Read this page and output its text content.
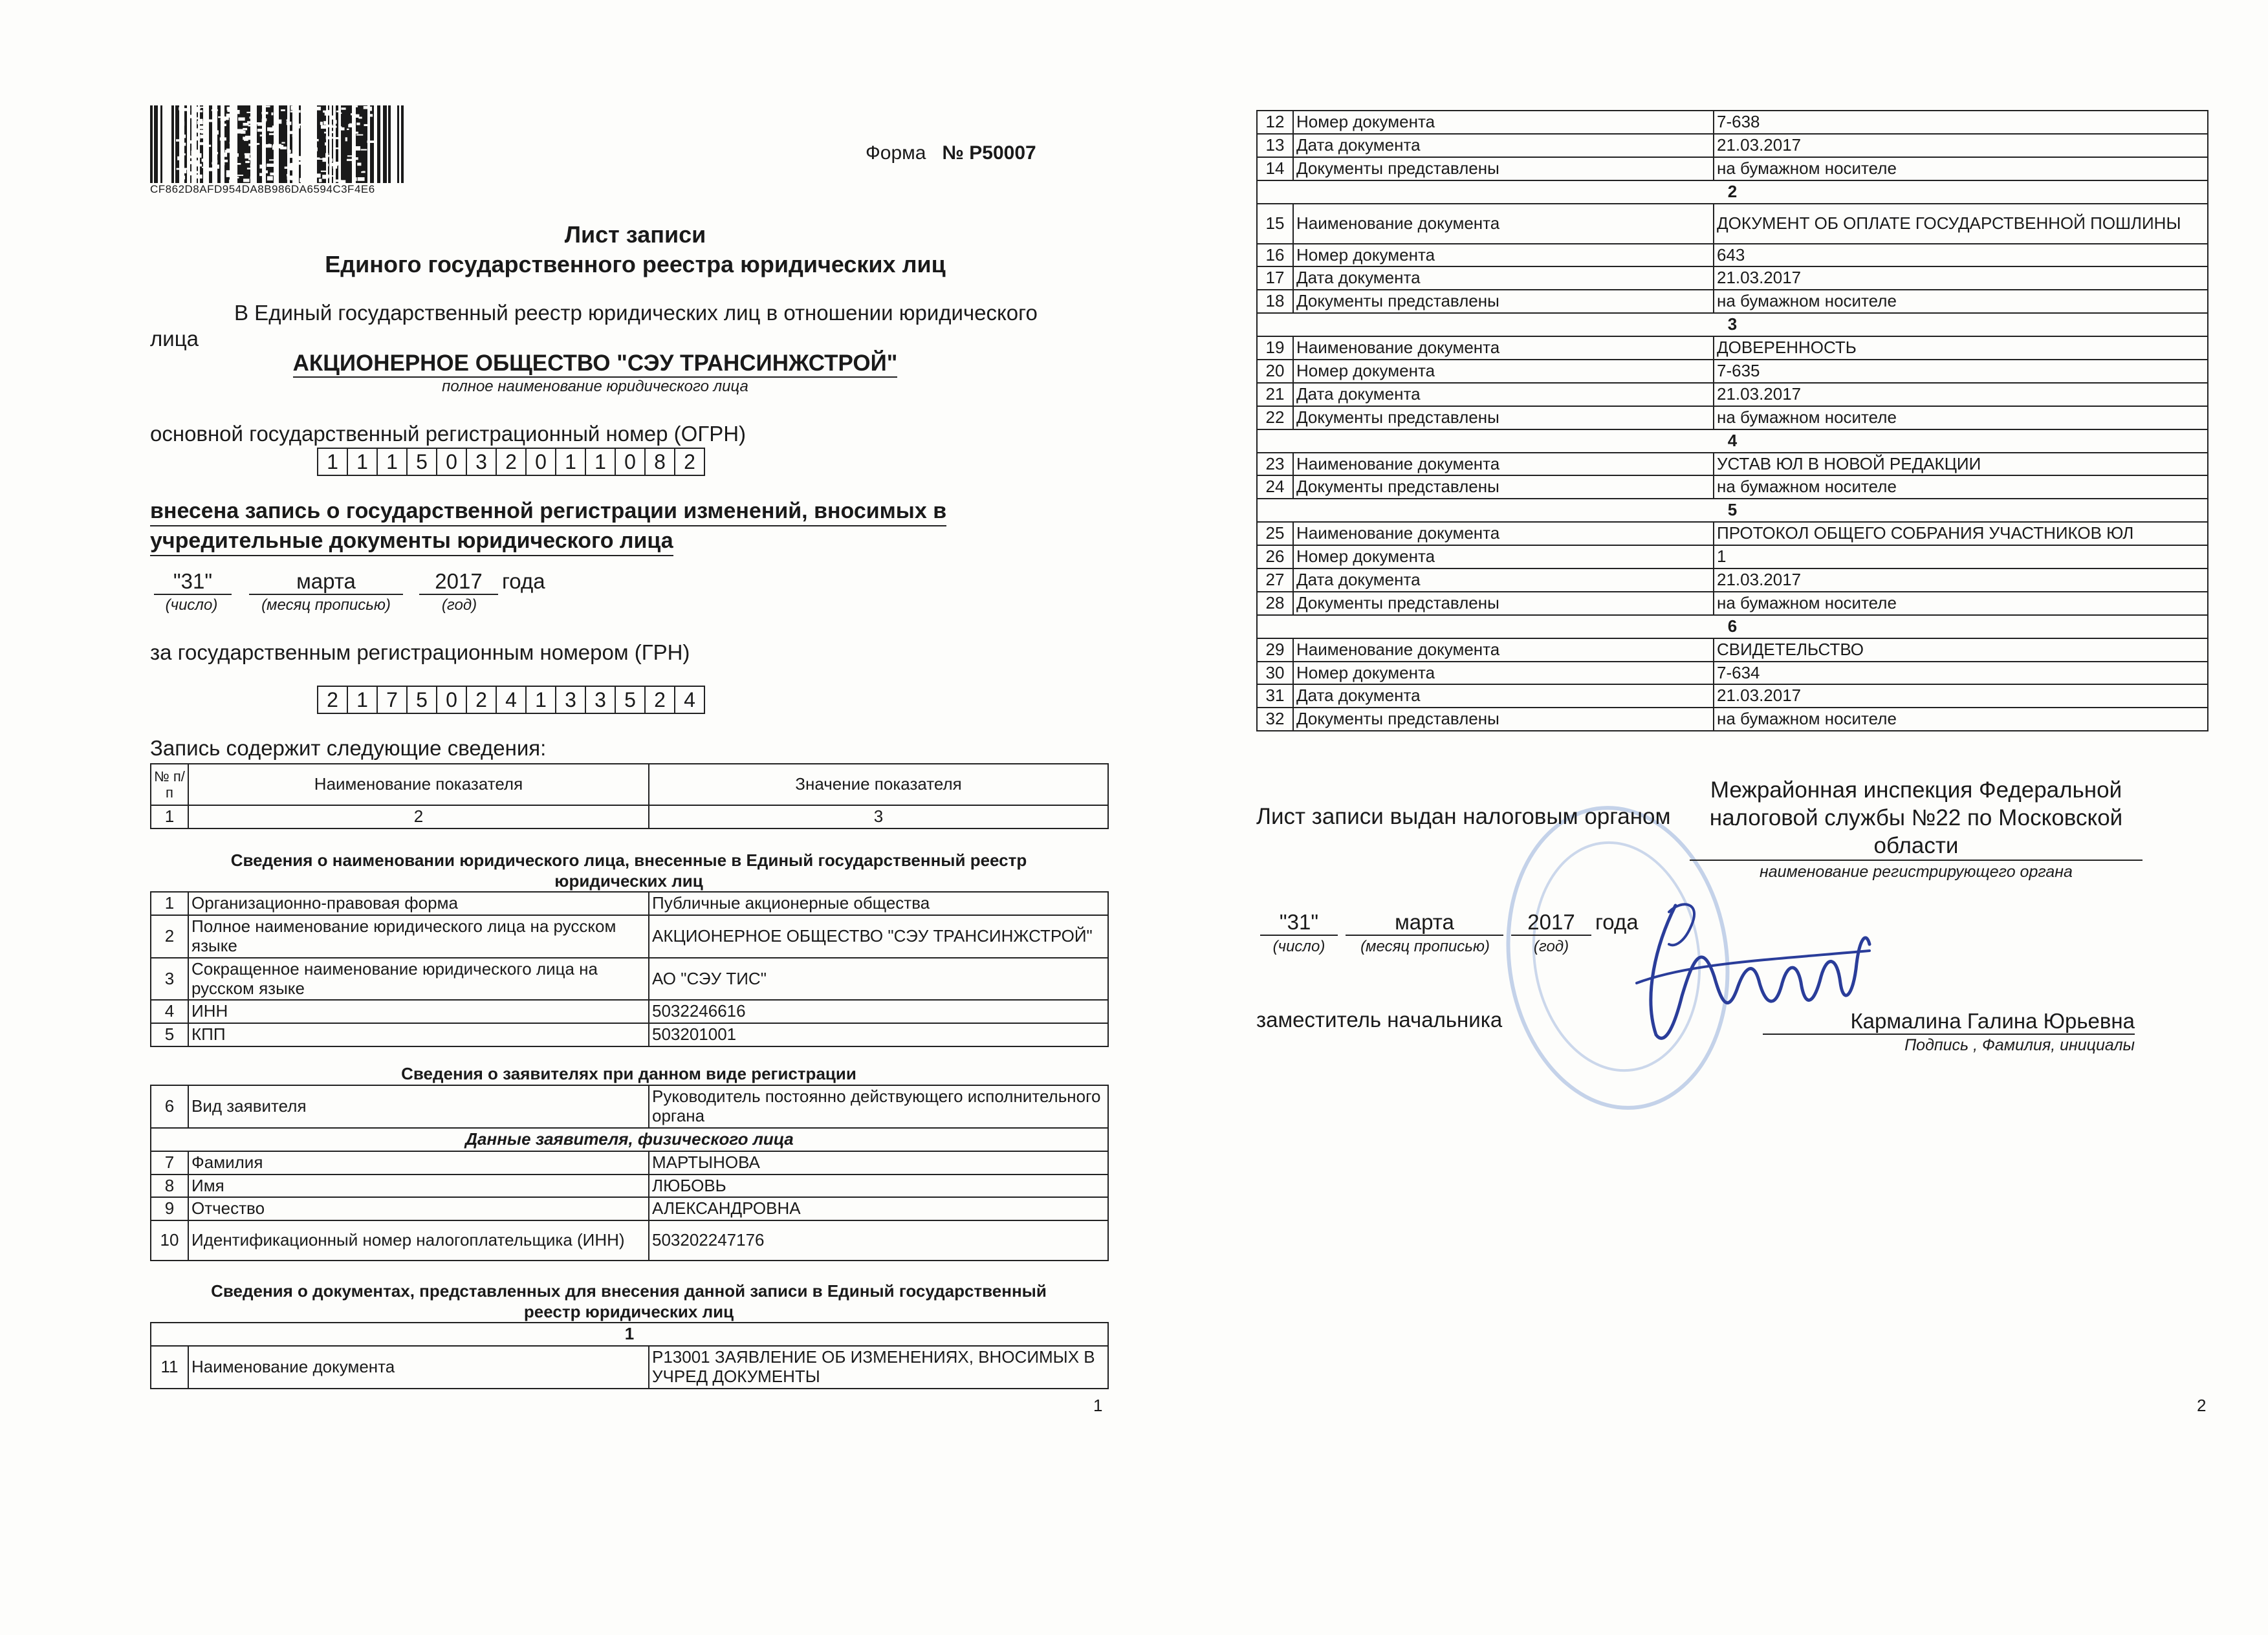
CF862D8AFD954DA8B986DA6594C3F4E6
Форма № Р50007
Лист записи
Единого государственного реестра юридических лиц
В Единый государственный реестр юридических лиц в отношении юридического
лица
АКЦИОНЕРНОЕ ОБЩЕСТВО "СЭУ ТРАНСИНЖСТРОЙ"
полное наименование юридического лица
основной государственный регистрационный номер (ОГРН)
1 1 1 5 0 3 2 0 1 1 0 8 2
внесена запись о государственной регистрации изменений, вносимых в
учредительные документы юридического лица
"31"	марта	2017 года
(число)	(месяц прописью)	(год)
за государственным регистрационным номером (ГРН)
2 1 7 5 0 2 4 1 3 3 5 2 4
Запись содержит следующие сведения:
№ п/п	Наименование показателя	Значение показателя
1	2	3
Сведения о наименовании юридического лица, внесенные в Единый государственный реестр
юридических лиц
1	Организационно-правовая форма	Публичные акционерные общества
2	Полное наименование юридического лица на русском языке	АКЦИОНЕРНОЕ ОБЩЕСТВО "СЭУ ТРАНСИНЖСТРОЙ"
3	Сокращенное наименование юридического лица на русском языке	АО "СЭУ ТИС"
4	ИНН	5032246616
5	КПП	503201001
Сведения о заявителях при данном виде регистрации
6	Вид заявителя	Руководитель постоянно действующего исполнительного органа
Данные заявителя, физического лица		
7	Фамилия	МАРТЫНОВА
8	Имя	ЛЮБОВЬ
9	Отчество	АЛЕКСАНДРОВНА
10	Идентификационный номер налогоплательщика (ИНН)	503202247176
Сведения о документах, представленных для внесения данной записи в Единый государственный
реестр юридических лиц
1
11	Наименование документа	Р13001 ЗАЯВЛЕНИЕ ОБ ИЗМЕНЕНИЯХ, ВНОСИМЫХ В УЧРЕД ДОКУМЕНТЫ
1
12	Номер документа	7-638
13	Дата документа	21.03.2017
14	Документы представлены	на бумажном носителе
2		
15	Наименование документа	ДОКУМЕНТ ОБ ОПЛАТЕ ГОСУДАРСТВЕННОЙ ПОШЛИНЫ
16	Номер документа	643
17	Дата документа	21.03.2017
18	Документы представлены	на бумажном носителе
3		
19	Наименование документа	ДОВЕРЕННОСТЬ
20	Номер документа	7-635
21	Дата документа	21.03.2017
22	Документы представлены	на бумажном носителе
4		
23	Наименование документа	УСТАВ ЮЛ В НОВОЙ РЕДАКЦИИ
24	Документы представлены	на бумажном носителе
5		
25	Наименование документа	ПРОТОКОЛ ОБЩЕГО СОБРАНИЯ УЧАСТНИКОВ ЮЛ
26	Номер документа	1
27	Дата документа	21.03.2017
28	Документы представлены	на бумажном носителе
6		
29	Наименование документа	СВИДЕТЕЛЬСТВО
30	Номер документа	7-634
31	Дата документа	21.03.2017
32	Документы представлены	на бумажном носителе
Лист записи выдан налоговым органом
Межрайонная инспекция Федеральной
налоговой службы №22 по Московской
области
наименование регистрирующего органа
"31"	марта	2017 года
(число)	(месяц прописью)	(год)
заместитель начальника	Кармалина Галина Юрьевна
Подпись , Фамилия, инициалы
2
